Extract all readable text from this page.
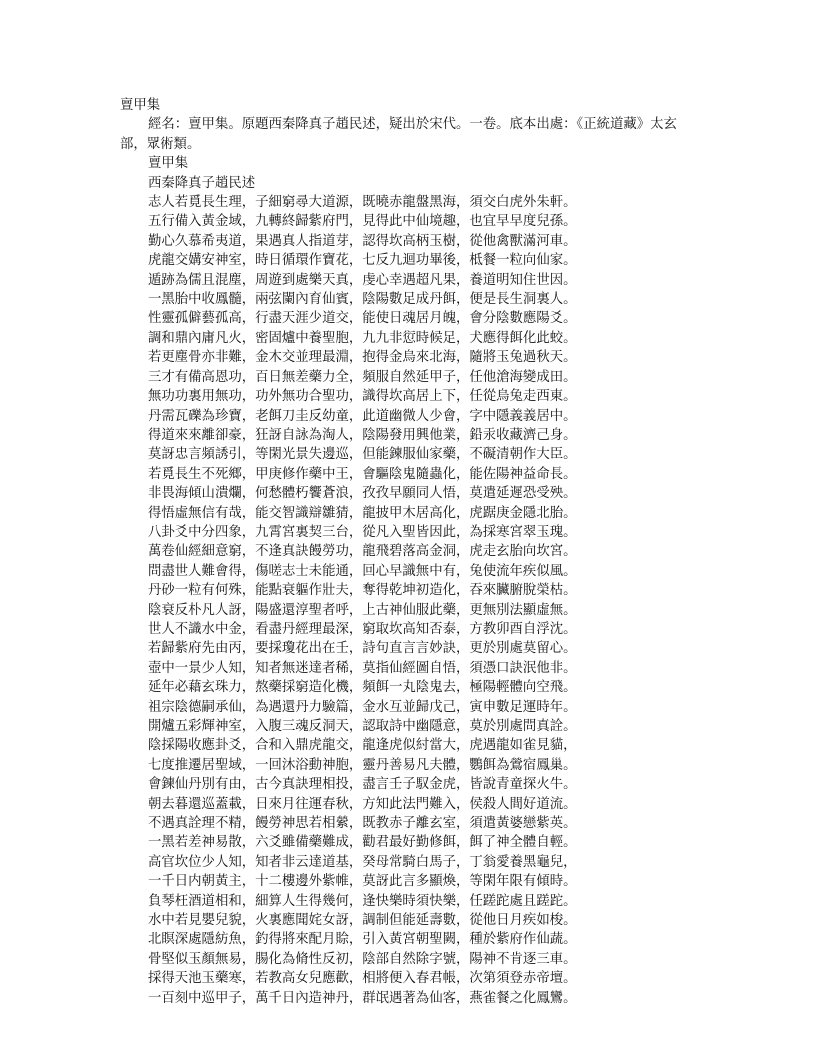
亶甲集

經名：亶甲集。原題西秦降真子趙民述，疑出於宋代。一卷。底本出處：《正統道藏》太玄

部，眾術類。

亶甲集

西秦降真子趙民述

志人若覓長生理，子細窮尋大道源，既曉赤龍盤黑海，須交白虎外朱軒。

五行備入黃金域，九轉終歸紫府門，見得此中仙境趣，也宜早早度兒孫。

勤心久慕希夷道，果遇真人指道芽，認得坎高柄玉樹，從他禽獸滿河車。

虎龍交媾安神室，時日循環作寶花，七反九迴功畢後，柢餐一粒向仙家。

遁跡為儒且混塵，周遊到處樂天真，虔心幸遇超凡果，養道明知住世因。

一黑胎中收鳳髓，兩弦闌內育仙賓，陰陽數足成丹餌，便是長生洞裏人。

性靈孤僻藝孤高，行盡天涯少道交，能使日魂居月魄，會分陰數應陽爻。

調和鼎內庸凡火，密固爐中養聖胞，九九非愆時候足，犬應得餌化此蛟。

若更塵骨亦非難，金木交並理最淵，抱得金烏來北海，隨將玉兔過秋天。

三才有備高恩功，百日無差藥力全，頻服自然延甲子，任他滄海變成田。

無功功裏用無功，功外無功合聖功，識得坎高居上下，任從烏兔走西東。

丹需瓦礫為珍寶，老餌刀圭反幼童，此道幽微人少會，字中隱義義居中。

得道來來離卻豪，狂訝自詠為淘人，陰陽發用興他業，鉛汞收藏濟己身。

莫訝忠言頻誘引，等閑光景失邊巡，但能鍊服仙家藥，不礙清朝作大臣。

若覓長生不死鄉，甲庚修作藥中王，會驅陰鬼隨蟲化，能佐陽神益命長。

非畏海傾山潰爛，何愁體朽饗蒼浪，孜孜早願同人悟，莫遣延遲恐受殃。

得悟虛無信有哉，能交智識辯雛猜，龍披甲木居高化，虎踞庚金隱北胎。

八卦爻中分四象，九霄宮裏契三台，從凡入聖皆因此，為採寒宮翠玉瑰。

萬卷仙經細意窮，不逢真訣饅勞功，龍飛碧落高金洞，虎走玄胎向坎宮。

問盡世人難會得，傷嗟志士未能通，回心早識無中有，兔使流年疾似風。

丹砂一粒有何殊，能點衰軀作壯夫，奪得乾坤初造化，吞來臟腑脫榮枯。

陰衰反朴凡人訝，陽盛還淳聖者呼，上古神仙服此藥，更無別法顯虛無。

世人不識水中金，看盡丹經理最深，窮取坎高知否泰，方教卯酉自浮沈。

若歸紫府先由丙，要採瓊花出在壬，詩句直言言妙訣，更於別處莫留心。

壺中一景少人知，知者無迷達者稀，莫指仙經圖自悟，須憑口訣泯他非。

延年必藉玄珠力，熬藥採窮造化機，頻餌一丸陰鬼去，極陽輕體向空飛。

祖宗陰德嗣承仙，為遇還丹力驗篇，金水互並歸戊己，寅申數足運時年。

開爐五彩輝神室，入腹三魂反洞天，認取詩中幽隱意，莫於別處問真詮。

陰採陽收應卦爻，合和入鼎虎龍交，龍逢虎似紂當大，虎遇龍如雀見貓，

七度推遷居聖域，一回沐浴動神胞，靈丹善易凡夫體，鸚餌為鶯宿鳳巢。

會鍊仙丹別有由，古今真訣理相投，盡言壬子馭金虎，皆說青童探火牛。

朝去暮還巡蓋載，日來月往運春秋，方知此法門難入，侯殺人間好道流。

不遇真詮理不精，饅勞神思若相縈，既教赤子離玄室，須遣黃婆戀紫英。

一黑若差神易散，六爻雖備藥難成，勸君最好勤修餌，餌了神全體自輕。

高官坎位少人知，知者非云達道基，癸母常騎白馬子，丁翁愛養黑龜兒，

一千日内朝黃主，十二樓邊外紫帷，莫訝此言多顯煥，等閑年限有傾時。

負琴枉酒道相和，細算人生得幾何，逢快樂時須快樂，任蹉跎處且蹉跎。

水中若見嬰兒貌，火裏應聞姹女訝，調制但能延壽數，從他日月疾如梭。

北瞑深處隱紡魚，釣得將來配月賒，引入黃宮朝聖闕，種於紫府作仙蔬。

骨堅似玉顏無易，腸化為脩性反初，陰部自然除字號，陽神不肯逐三車。

採得天池玉藥寒，若教高女兒應歡，相將便入春君帳，次第須登赤帝壇。

一百刻中巡甲子，萬千日內造神丹，群氓遇著為仙客，燕雀餐之化鳳鸞。
